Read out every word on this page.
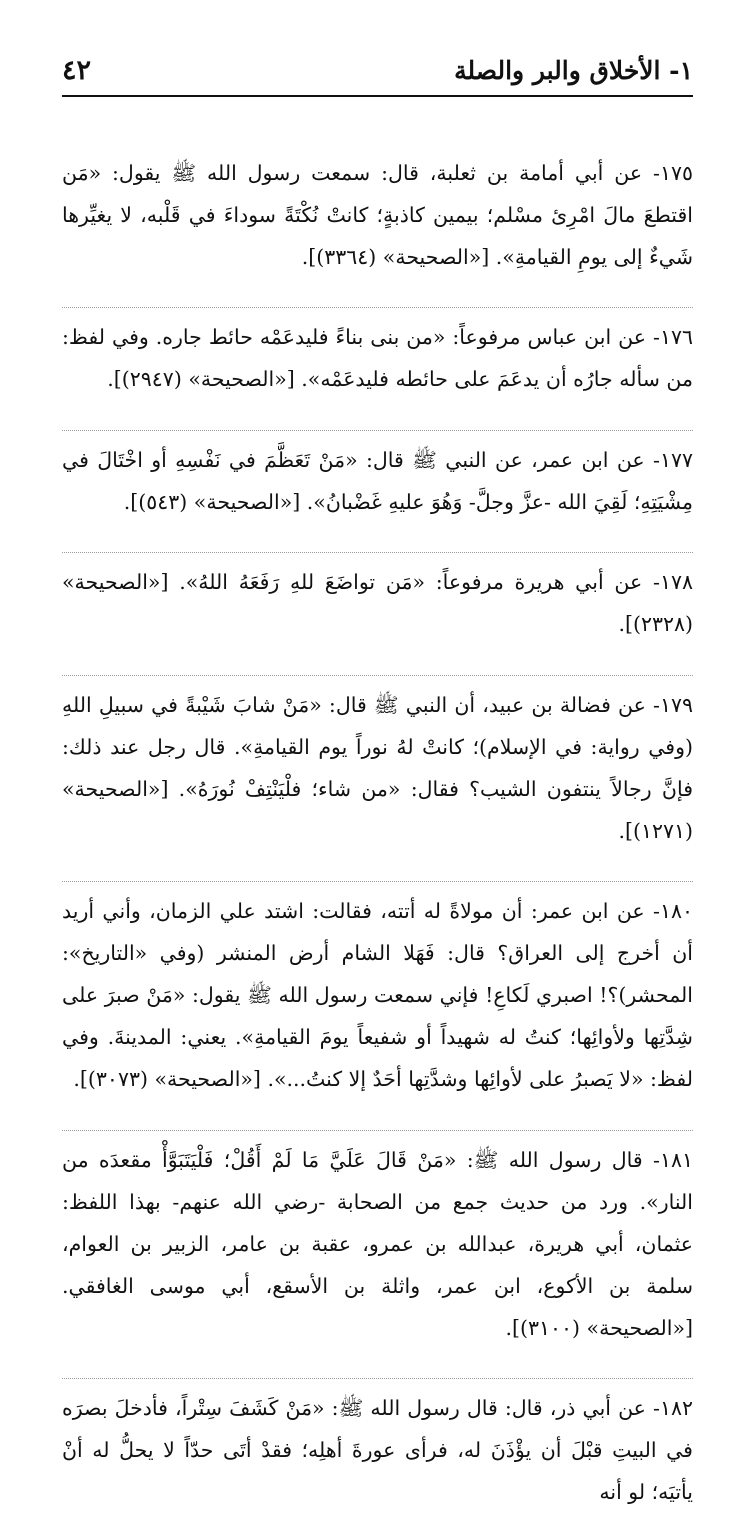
١- الأخلاق والبر والصلة
٤٢

١٧٥- عن أبي أمامة بن ثعلبة، قال: سمعت رسول الله ﷺ يقول: «مَن اقتطعَ مالَ امْرِئ مسْلم؛ بيمين كاذبةٍ؛ كانتْ نُكْتَةً سوداءَ في قَلْبه، لا يغيِّرها شَيءٌ إلى يومِ القيامةِ». [«الصحيحة» (٣٣٦٤)].

١٧٦- عن ابن عباس مرفوعاً: «من بنى بناءً فليدعَمْه حائط جاره. وفي لفظ: من سأله جارُه أن يدعَمَ على حائطه فليدعَمْه». [«الصحيحة» (٢٩٤٧)].

١٧٧- عن ابن عمر، عن النبي ﷺ قال: «مَنْ تَعَظَّمَ في نَفْسِهِ أو اخْتَالَ في مِشْيَتِهِ؛ لَقِيَ الله -عزَّ وجلَّ- وَهُوَ عليهِ غَضْبانُ». [«الصحيحة» (٥٤٣)].

١٧٨- عن أبي هريرة مرفوعاً: «مَن تواضَعَ للهِ رَفَعَهُ اللهُ». [«الصحيحة» (٢٣٢٨)].

١٧٩- عن فضالة بن عبيد، أن النبي ﷺ قال: «مَنْ شابَ شَيْبةً في سبيلِ اللهِ (وفي رواية: في الإسلام)؛ كانتْ لهُ نوراً يوم القيامةِ». قال رجل عند ذلك: فإنَّ رجالاً ينتفون الشيب؟ فقال: «من شاء؛ فلْيَنْتِفْ نُورَهُ». [«الصحيحة» (١٢٧١)].

١٨٠- عن ابن عمر: أن مولاةً له أتته، فقالت: اشتد علي الزمان، وأني أريد أن أخرج إلى العراق؟ قال: فَهَلا الشام أرض المنشر (وفي «التاريخ»: المحشر)؟! اصبري لَكاعِ! فإني سمعت رسول الله ﷺ يقول: «مَنْ صبرَ على شِدَّتِها ولأوائِها؛ كنتُ له شهيداً أو شفيعاً يومَ القيامةِ». يعني: المدينةَ. وفي لفظ: «لا يَصبرُ على لأوائِها وشدَّتِها أحَدٌ إلا كنتُ...». [«الصحيحة» (٣٠٧٣)].

١٨١- قال رسول الله ﷺ: «مَنْ قَالَ عَلَيَّ مَا لَمْ أَقُلْ؛ فَلْيَتَبَوَّأْ مقعدَه من النار». ورد من حديث جمع من الصحابة -رضي الله عنهم- بهذا اللفظ: عثمان، أبي هريرة، عبدالله بن عمرو، عقبة بن عامر، الزبير بن العوام، سلمة بن الأكوع، ابن عمر، واثلة بن الأسقع، أبي موسى الغافقي. [«الصحيحة» (٣١٠٠)].

١٨٢- عن أبي ذر، قال: قال رسول الله ﷺ: «مَنْ كَشَفَ سِتْراً، فأدخلَ بصرَه في البيتِ قبْلَ أن يؤْذَنَ له، فرأى عورةَ أهلِه؛ فقدْ أتَى حدّاً لا يحلُّ له أنْ يأتيَه؛ لو أنه
